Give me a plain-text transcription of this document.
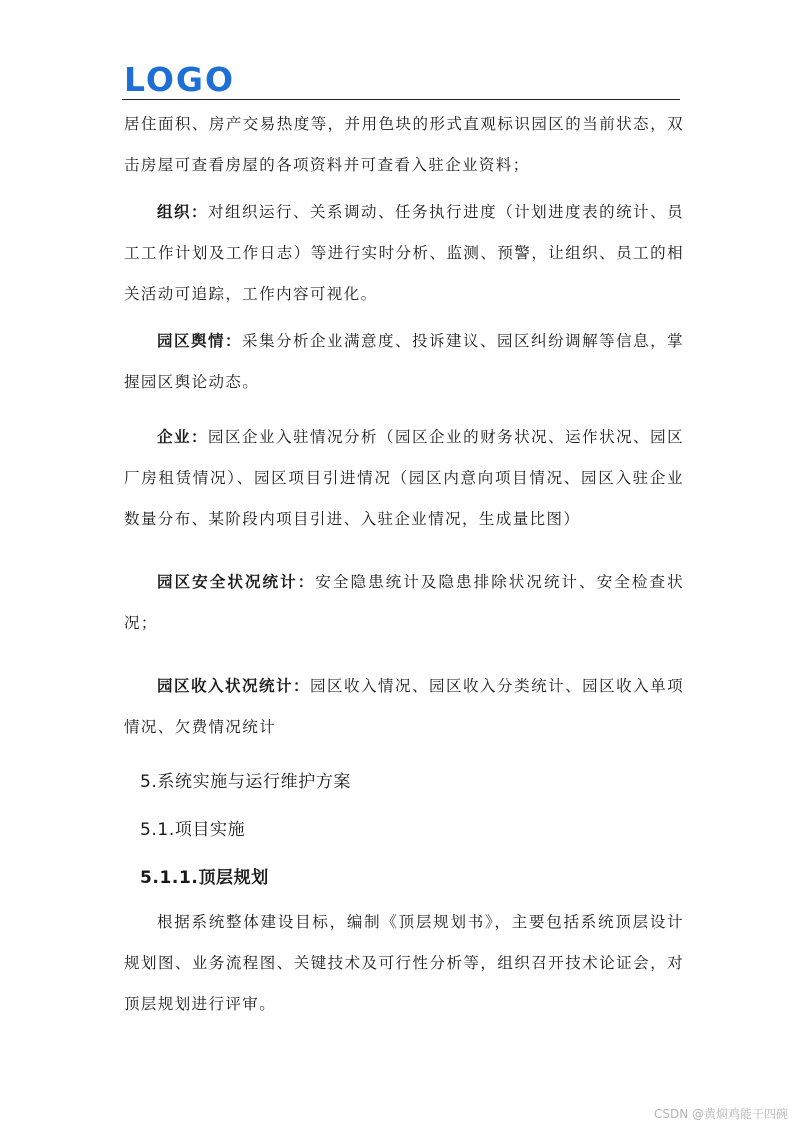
LOGO

居住面积、房产交易热度等，并用色块的形式直观标识园区的当前状态，双击房屋可查看房屋的各项资料并可查看入驻企业资料；

组织：对组织运行、关系调动、任务执行进度（计划进度表的统计、员工工作计划及工作日志）等进行实时分析、监测、预警，让组织、员工的相关活动可追踪，工作内容可视化。

园区舆情：采集分析企业满意度、投诉建议、园区纠纷调解等信息，掌握园区舆论动态。

企业：园区企业入驻情况分析（园区企业的财务状况、运作状况、园区厂房租赁情况）、园区项目引进情况（园区内意向项目情况、园区入驻企业数量分布、某阶段内项目引进、入驻企业情况，生成量比图）

园区安全状况统计：安全隐患统计及隐患排除状况统计、安全检查状况；

园区收入状况统计：园区收入情况、园区收入分类统计、园区收入单项情况、欠费情况统计

5.系统实施与运行维护方案

5.1.项目实施

5.1.1.顶层规划

根据系统整体建设目标，编制《顶层规划书》，主要包括系统顶层设计规划图、业务流程图、关键技术及可行性分析等，组织召开技术论证会，对顶层规划进行评审。

CSDN @黄焖鸡能干四碗
